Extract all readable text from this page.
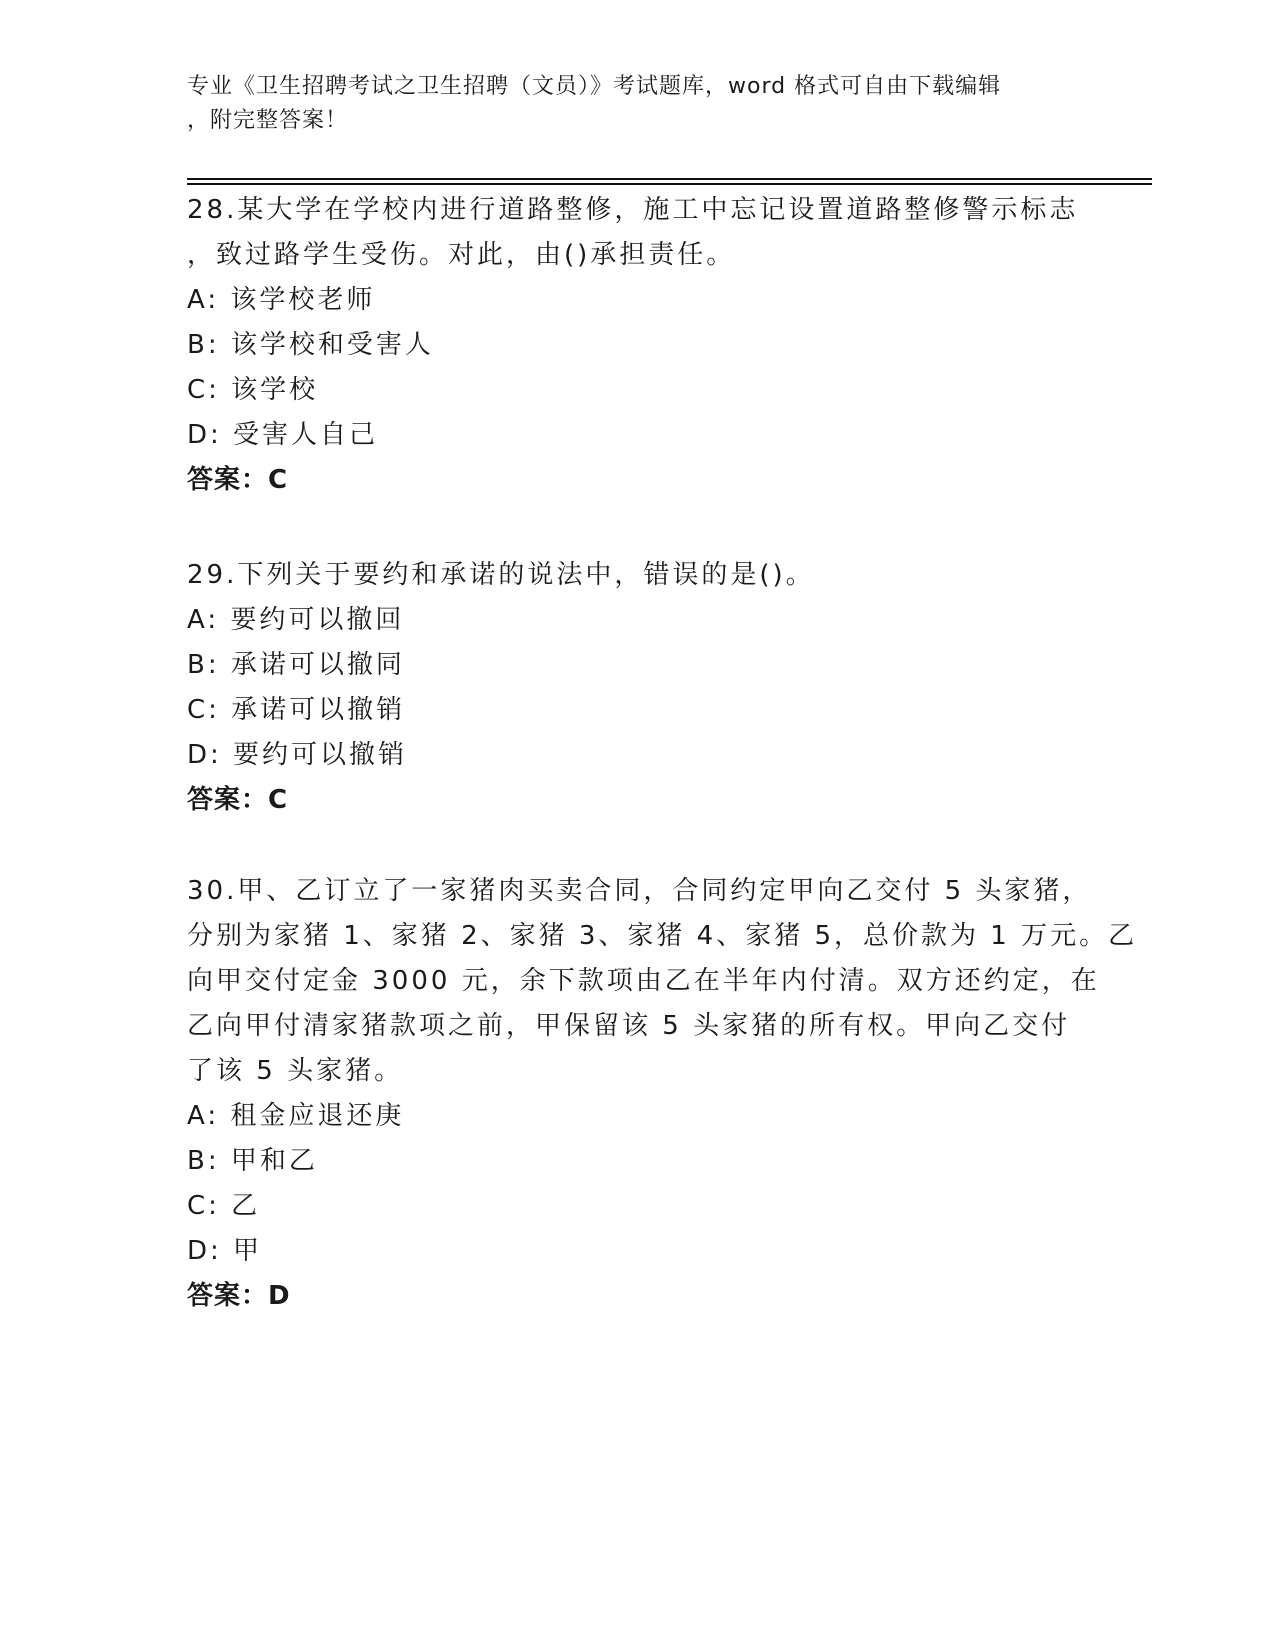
专业《卫生招聘考试之卫生招聘（文员）》考试题库，word 格式可自由下载编辑
，附完整答案！
28.某大学在学校内进行道路整修，施工中忘记设置道路整修警示标志
，致过路学生受伤。对此，由()承担责任。
A: 该学校老师
B: 该学校和受害人
C: 该学校
D: 受害人自己
答案：C
29.下列关于要约和承诺的说法中，错误的是()。
A: 要约可以撤回
B: 承诺可以撤同
C: 承诺可以撤销
D: 要约可以撤销
答案：C
30.甲、乙订立了一家猪肉买卖合同，合同约定甲向乙交付 5 头家猪，
分别为家猪 1、家猪 2、家猪 3、家猪 4、家猪 5，总价款为 1 万元。乙
向甲交付定金 3000 元，余下款项由乙在半年内付清。双方还约定，在
乙向甲付清家猪款项之前，甲保留该 5 头家猪的所有权。甲向乙交付
了该 5 头家猪。
A: 租金应退还庚
B: 甲和乙
C: 乙
D: 甲
答案：D
